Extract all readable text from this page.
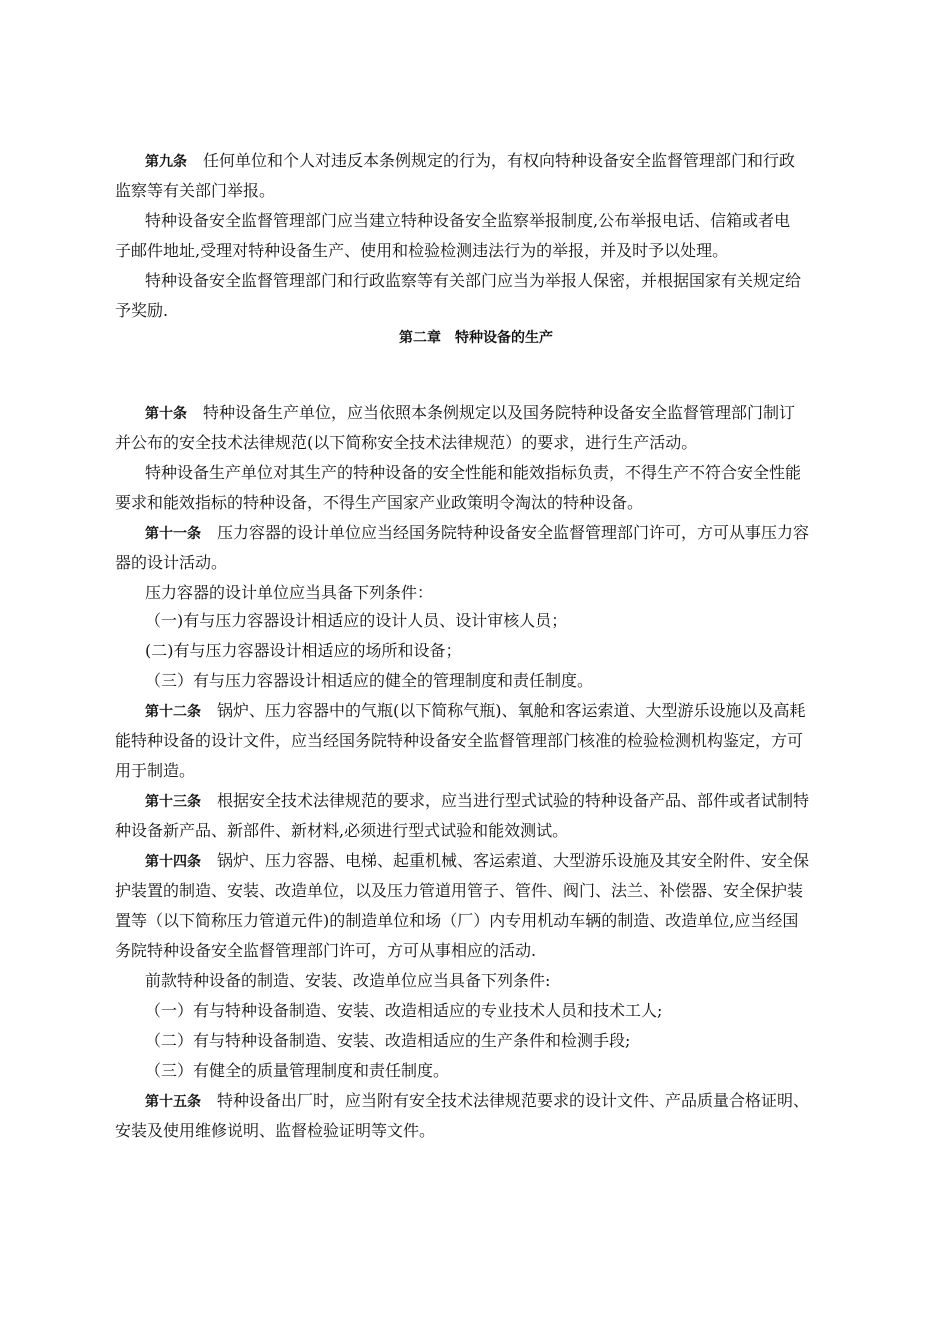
第九条 任何单位和个人对违反本条例规定的行为，有权向特种设备安全监督管理部门和行政
监察等有关部门举报。
特种设备安全监督管理部门应当建立特种设备安全监察举报制度,公布举报电话、信箱或者电
子邮件地址,受理对特种设备生产、使用和检验检测违法行为的举报，并及时予以处理。
特种设备安全监督管理部门和行政监察等有关部门应当为举报人保密，并根据国家有关规定给
予奖励.
第十条 特种设备生产单位，应当依照本条例规定以及国务院特种设备安全监督管理部门制订
并公布的安全技术法律规范(以下简称安全技术法律规范）的要求，进行生产活动。
特种设备生产单位对其生产的特种设备的安全性能和能效指标负责，不得生产不符合安全性能
要求和能效指标的特种设备，不得生产国家产业政策明令淘汰的特种设备。
第十一条 压力容器的设计单位应当经国务院特种设备安全监督管理部门许可，方可从事压力容
器的设计活动。
压力容器的设计单位应当具备下列条件：
（一)有与压力容器设计相适应的设计人员、设计审核人员；
(二)有与压力容器设计相适应的场所和设备；
（三）有与压力容器设计相适应的健全的管理制度和责任制度。
第十二条 锅炉、压力容器中的气瓶(以下简称气瓶)、氧舱和客运索道、大型游乐设施以及高耗
能特种设备的设计文件，应当经国务院特种设备安全监督管理部门核准的检验检测机构鉴定，方可
用于制造。
第十三条 根据安全技术法律规范的要求，应当进行型式试验的特种设备产品、部件或者试制特
种设备新产品、新部件、新材料,必须进行型式试验和能效测试。
第十四条 锅炉、压力容器、电梯、起重机械、客运索道、大型游乐设施及其安全附件、安全保
护装置的制造、安装、改造单位，以及压力管道用管子、管件、阀门、法兰、补偿器、安全保护装
置等（以下简称压力管道元件)的制造单位和场（厂）内专用机动车辆的制造、改造单位,应当经国
务院特种设备安全监督管理部门许可，方可从事相应的活动.
前款特种设备的制造、安装、改造单位应当具备下列条件:
（一）有与特种设备制造、安装、改造相适应的专业技术人员和技术工人;
（二）有与特种设备制造、安装、改造相适应的生产条件和检测手段;
（三）有健全的质量管理制度和责任制度。
第十五条 特种设备出厂时，应当附有安全技术法律规范要求的设计文件、产品质量合格证明、
安装及使用维修说明、监督检验证明等文件。
第二章　特种设备的生产
